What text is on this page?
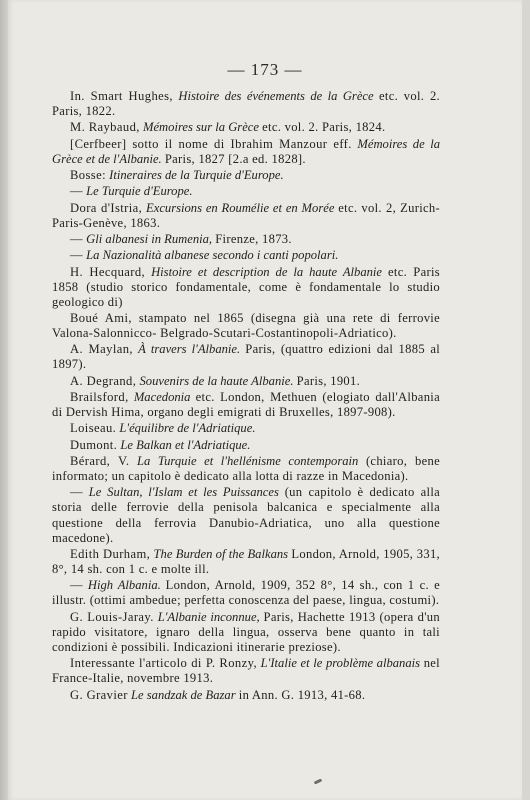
— 173 —

In. Smart Hughes, Histoire des événements de la Grèce etc. vol. 2. Paris, 1822.

M. Raybaud, Mémoires sur la Grèce etc. vol. 2. Paris, 1824.

[Cerfbeer] sotto il nome di Ibrahim Manzour eff. Mémoires de la Grèce et de l'Albanie. Paris, 1827 [2.a ed. 1828].

Bosse: Itineraires de la Turquie d'Europe.

— Le Turquie d'Europe.

Dora d'Istria, Excursions en Roumélie et en Morée etc. vol. 2, Zurich-Paris-Genève, 1863.

— Gli albanesi in Rumenia, Firenze, 1873.

— La Nazionalità albanese secondo i canti popolari.

H. Hecquard, Histoire et description de la haute Albanie etc. Paris 1858 (studio storico fondamentale, come è fondamentale lo studio geologico di)

Boué Ami, stampato nel 1865 (disegna già una rete di ferrovie Valona-Salonnicco- Belgrado-Scutari-Costantinopoli-Adriatico).

A. Maylan, À travers l'Albanie. Paris, (quattro edizioni dal 1885 al 1897).

A. Degrand, Souvenirs de la haute Albanie. Paris, 1901.

Brailsford, Macedonia etc. London, Methuen (elogiato dall'Albania di Dervish Hima, organo degli emigrati di Bruxelles, 1897-908).

Loiseau. L'équilibre de l'Adriatique.

Dumont. Le Balkan et l'Adriatique.

Bérard, V. La Turquie et l'hellénisme contemporain (chiaro, bene informato; un capitolo è dedicato alla lotta di razze in Macedonia).

— Le Sultan, l'Islam et les Puissances (un capitolo è dedicato alla storia delle ferrovie della penisola balcanica e specialmente alla questione della ferrovia Danubio-Adriatica, uno alla questione macedone).

Edith Durham, The Burden of the Balkans London, Arnold, 1905, 331, 8°, 14 sh. con 1 c. e molte ill.

— High Albania. London, Arnold, 1909, 352 8°, 14 sh., con 1 c. e illustr. (ottimi ambedue; perfetta conoscenza del paese, lingua, costumi).

G. Louis-Jaray. L'Albanie inconnue, Paris, Hachette 1913 (opera d'un rapido visitatore, ignaro della lingua, osserva bene quanto in tali condizioni è possibili. Indicazioni itinerarie preziose).

Interessante l'articolo di P. Ronzy, L'Italie et le problème albanais nel France-Italie, novembre 1913.

G. Gravier Le sandzak de Bazar in Ann. G. 1913, 41-68.
